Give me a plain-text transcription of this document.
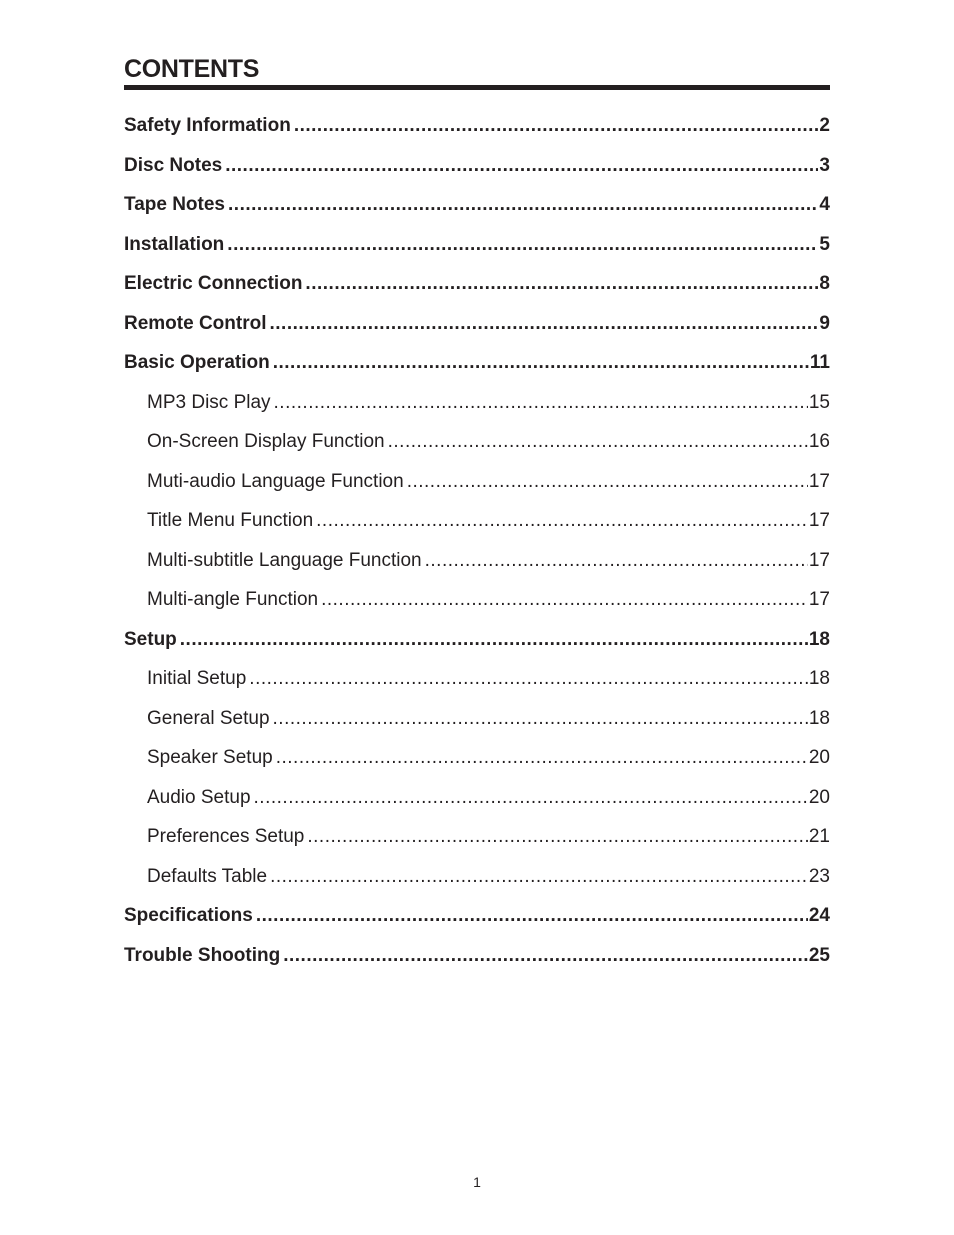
CONTENTS
Safety Information .....	2
Disc Notes .....	3
Tape Notes .....	4
Installation .....	5
Electric Connection .....	8
Remote Control .....	9
Basic Operation .....	11
MP3 Disc Play .....	15
On-Screen Display Function .....	16
Muti-audio Language Function .....	17
Title Menu Function .....	17
Multi-subtitle Language Function .....	17
Multi-angle Function .....	17
Setup .....	18
Initial Setup .....	18
General Setup .....	18
Speaker Setup .....	20
Audio Setup .....	20
Preferences Setup .....	21
Defaults Table .....	23
Specifications .....	24
Trouble Shooting .....	25
1
